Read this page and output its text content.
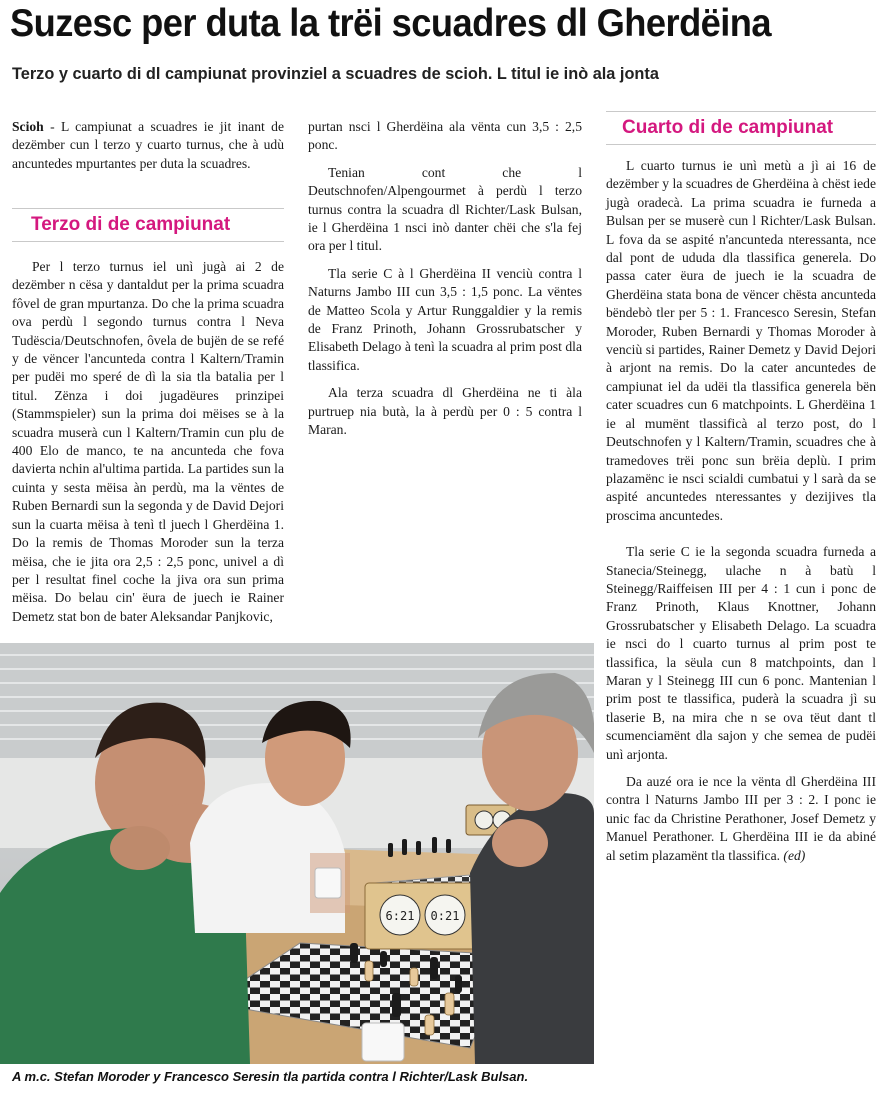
Suzesc per duta la trëi scuadres dl Gherdëina
Terzo y cuarto di dl campiunat provinziel a scuadres de scioh. L titul ie inò ala jonta

Scioh - L campiunat a scuadres ie jit inant de dezëmber cun l terzo y cuarto turnus, che à udù ancuntedes mpurtantes per duta la scuadres.

Terzo di de campiunat

Per l terzo turnus iel unì jugà ai 2 de dezëmber n cësa y dantaldut per la prima scuadra fôvel de gran mpurtanza. Do che la prima scuadra ova perdù l segondo turnus contra l Neva Tudëscia/Deutschnofen, ôvela de bujën de se refé y de vëncer l'ancunteda contra l Kaltern/Tramin per pudëi mo speré de dì la sia tla batalia per l titul. Zënza i doi jugadëures prinzipei (Stammspieler) sun la prima doi mëises se à la scuadra muserà cun l Kaltern/Tramin cun plu de 400 Elo de manco, te na ancunteda che fova davierta nchin al'ultima partida. La partides sun la cuinta y sesta mëisa àn perdù, ma la vëntes de Ruben Bernardi sun la segonda y de David Dejori sun la cuarta mëisa à tenì tl juech l Gherdëina 1. Do la remis de Thomas Moroder sun la terza mëisa, che ie jita ora 2,5 : 2,5 ponc, univel a dì per l resultat finel coche la jiva ora sun prima mëisa. Do belau cin' ëura de juech ie Rainer Demetz stat bon de bater Aleksandar Panjkovic,

purtan nsci l Gherdëina ala vënta cun 3,5 : 2,5 ponc.

Tenian cont che l Deutschnofen/Alpengourmet à perdù l terzo turnus contra la scuadra dl Richter/Lask Bulsan, ie l Gherdëina 1 nsci inò danter chëi che s'la fej ora per l titul.

Tla serie C à l Gherdëina II venciù contra l Naturns Jambo III cun 3,5 : 1,5 ponc. La vëntes de Matteo Scola y Artur Runggaldier y la remis de Franz Prinoth, Johann Grossrubatscher y Elisabeth Delago à tenì la scuadra al prim post dla tlassifica.

Ala terza scuadra dl Gherdëina ne ti àla purtruep nia butà, la à perdù per 0 : 5 contra l Maran.

Cuarto di de campiunat

L cuarto turnus ie unì metù a jì ai 16 de dezëmber y la scuadres de Gherdëina à chëst iede jugà oradecà. La prima scuadra ie furneda a Bulsan per se muserè cun l Richter/Lask Bulsan. L fova da se aspité n'ancunteda nteressanta, nce dal pont de ududa dla tlassifica generela. Do passa cater ëura de juech ie la scuadra de Gherdëina stata bona de vëncer chësta ancunteda bëndebò tler per 5 : 1. Francesco Seresin, Stefan Moroder, Ruben Bernardi y Thomas Moroder à venciù si partides, Rainer Demetz y David Dejori à arjont na remis. Do la cater ancuntedes de campiunat iel da udëi tla tlassifica generela bën cater scuadres cun 6 matchpoints. L Gherdëina 1 ie al mumënt tlassificà al terzo post, do l Deutschnofen y l Kaltern/Tramin, scuadres che à tramedoves trëi ponc sun brëia deplù. I prim plazamënc ie nsci scialdi cumbatui y l sarà da se aspité ancuntedes nteressantes y dezijives tla proscima ancuntedes.

Tla serie C ie la segonda scuadra furneda a Stanecia/Steinegg, ulache n à batù l Steinegg/Raiffeisen III per 4 : 1 cun i ponc de Franz Prinoth, Klaus Knottner, Johann Grossrubatscher y Elisabeth Delago. La scuadra ie nsci do l cuarto turnus al prim post te tlassifica, la sëula cun 8 matchpoints, dan l Maran y l Steinegg III cun 6 ponc. Mantenian l prim post te tlassifica, puderà la scuadra jì su tlaserie B, na mira che n se ova tëut dant tl scumenciamënt dla sajon y che semea de pudëi unì arjonta.

Da auzé ora ie nce la vënta dl Gherdëina III contra l Naturns Jambo III per 3 : 2. I ponc ie unic fac da Christine Perathoner, Josef Demetz y Manuel Perathoner. L Gherdëina III ie da abiné al setim plazamënt tla tlassifica. (ed)

6:21 0:21
A m.c. Stefan Moroder y Francesco Seresin tla partida contra l Richter/Lask Bulsan.
